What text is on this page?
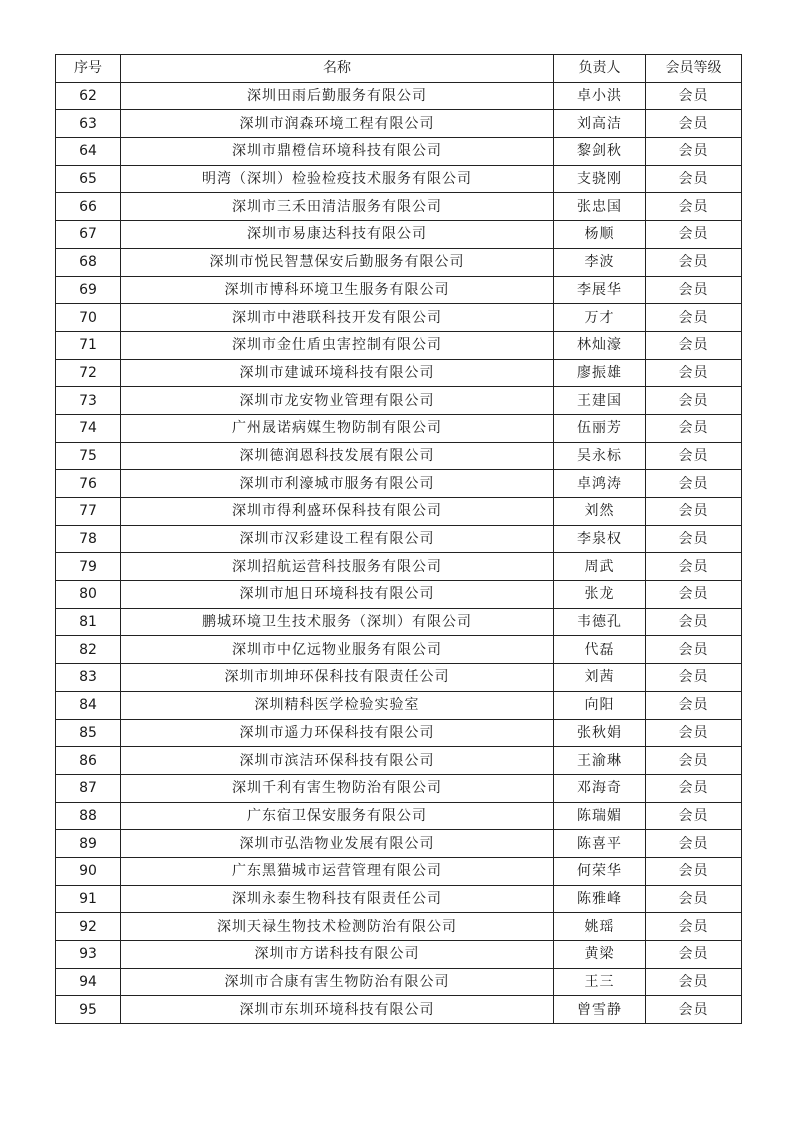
序号	名称	负责人	会员等级
62	深圳田雨后勤服务有限公司	卓小洪	会员
63	深圳市润森环境工程有限公司	刘高洁	会员
64	深圳市鼎橙信环境科技有限公司	黎剑秋	会员
65	明湾（深圳）检验检疫技术服务有限公司	支骁刚	会员
66	深圳市三禾田清洁服务有限公司	张忠国	会员
67	深圳市易康达科技有限公司	杨顺	会员
68	深圳市悦民智慧保安后勤服务有限公司	李波	会员
69	深圳市博科环境卫生服务有限公司	李展华	会员
70	深圳市中港联科技开发有限公司	万才	会员
71	深圳市金仕盾虫害控制有限公司	林灿濠	会员
72	深圳市建诚环境科技有限公司	廖振雄	会员
73	深圳市龙安物业管理有限公司	王建国	会员
74	广州晟诺病媒生物防制有限公司	伍丽芳	会员
75	深圳德润恩科技发展有限公司	吴永标	会员
76	深圳市利濠城市服务有限公司	卓鸿涛	会员
77	深圳市得利盛环保科技有限公司	刘然	会员
78	深圳市汉彩建设工程有限公司	李泉权	会员
79	深圳招航运营科技服务有限公司	周武	会员
80	深圳市旭日环境科技有限公司	张龙	会员
81	鹏城环境卫生技术服务（深圳）有限公司	韦德孔	会员
82	深圳市中亿远物业服务有限公司	代磊	会员
83	深圳市圳坤环保科技有限责任公司	刘茜	会员
84	深圳精科医学检验实验室	向阳	会员
85	深圳市遥力环保科技有限公司	张秋娟	会员
86	深圳市滨洁环保科技有限公司	王渝琳	会员
87	深圳千利有害生物防治有限公司	邓海奇	会员
88	广东宿卫保安服务有限公司	陈瑞媚	会员
89	深圳市弘浩物业发展有限公司	陈喜平	会员
90	广东黑猫城市运营管理有限公司	何荣华	会员
91	深圳永泰生物科技有限责任公司	陈雅峰	会员
92	深圳天禄生物技术检测防治有限公司	姚瑶	会员
93	深圳市方诺科技有限公司	黄梁	会员
94	深圳市合康有害生物防治有限公司	王三	会员
95	深圳市东圳环境科技有限公司	曾雪静	会员
